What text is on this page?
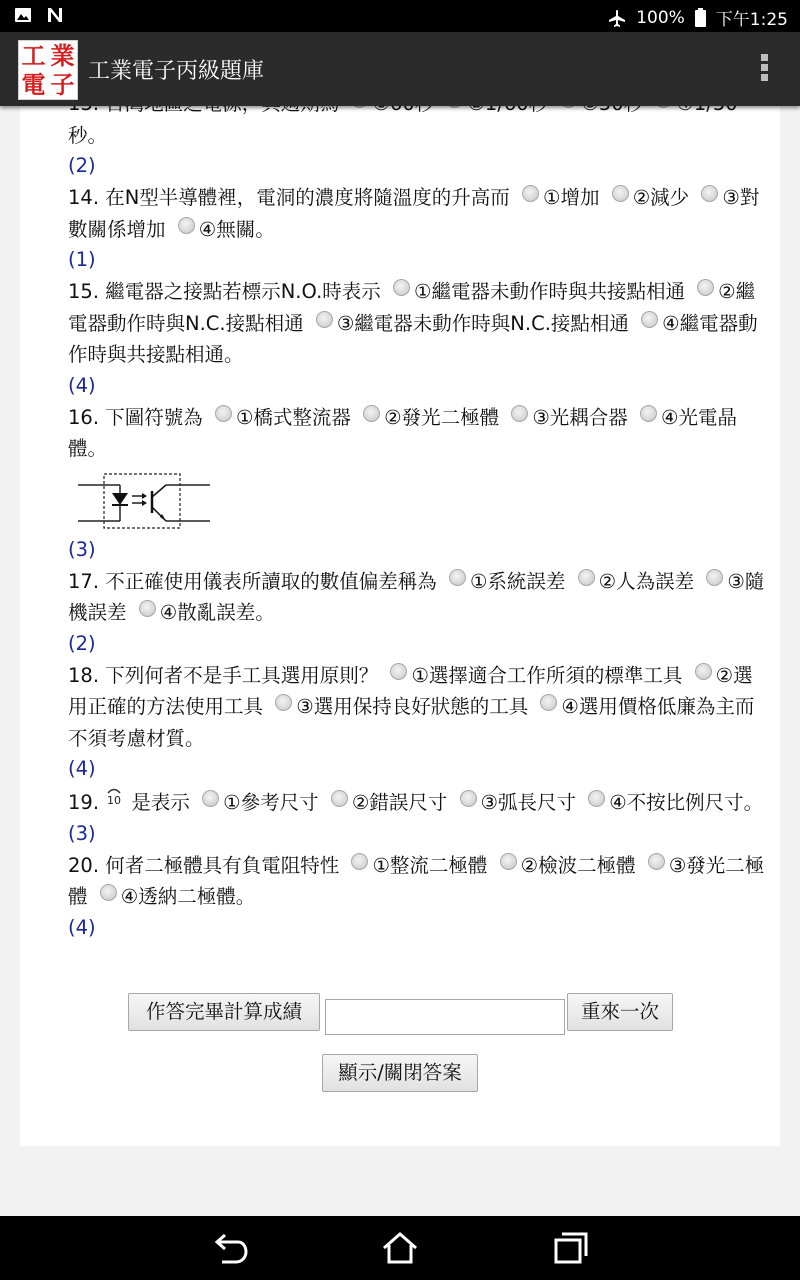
100% 下午1:25
工 業
電 子 工業電子丙級題庫
秒。
(2)
14. 在N型半導體裡，電洞的濃度將隨溫度的升高而 ①增加 ②減少 ③對數關係增加 ④無關。
(1)
15. 繼電器之接點若標示N.O.時表示 ①繼電器未動作時與共接點相通 ②繼電器動作時與N.C.接點相通 ③繼電器未動作時與N.C.接點相通 ④繼電器動作時與共接點相通。
(4)
16. 下圖符號為 ①橋式整流器 ②發光二極體 ③光耦合器 ④光電晶體。
(3)
17. 不正確使用儀表所讀取的數值偏差稱為 ①系統誤差 ②人為誤差 ③隨機誤差 ④散亂誤差。
(2)
18. 下列何者不是手工具選用原則？ ①選擇適合工作所須的標準工具 ②選用正確的方法使用工具 ③選用保持良好狀態的工具 ④選用價格低廉為主而不須考慮材質。
(4)
19. 10 是表示 ①參考尺寸 ②錯誤尺寸 ③弧長尺寸 ④不按比例尺寸。
(3)
20. 何者二極體具有負電阻特性 ①整流二極體 ②檢波二極體 ③發光二極體 ④透納二極體。
(4)
作答完畢計算成績	重來一次
顯示/關閉答案
